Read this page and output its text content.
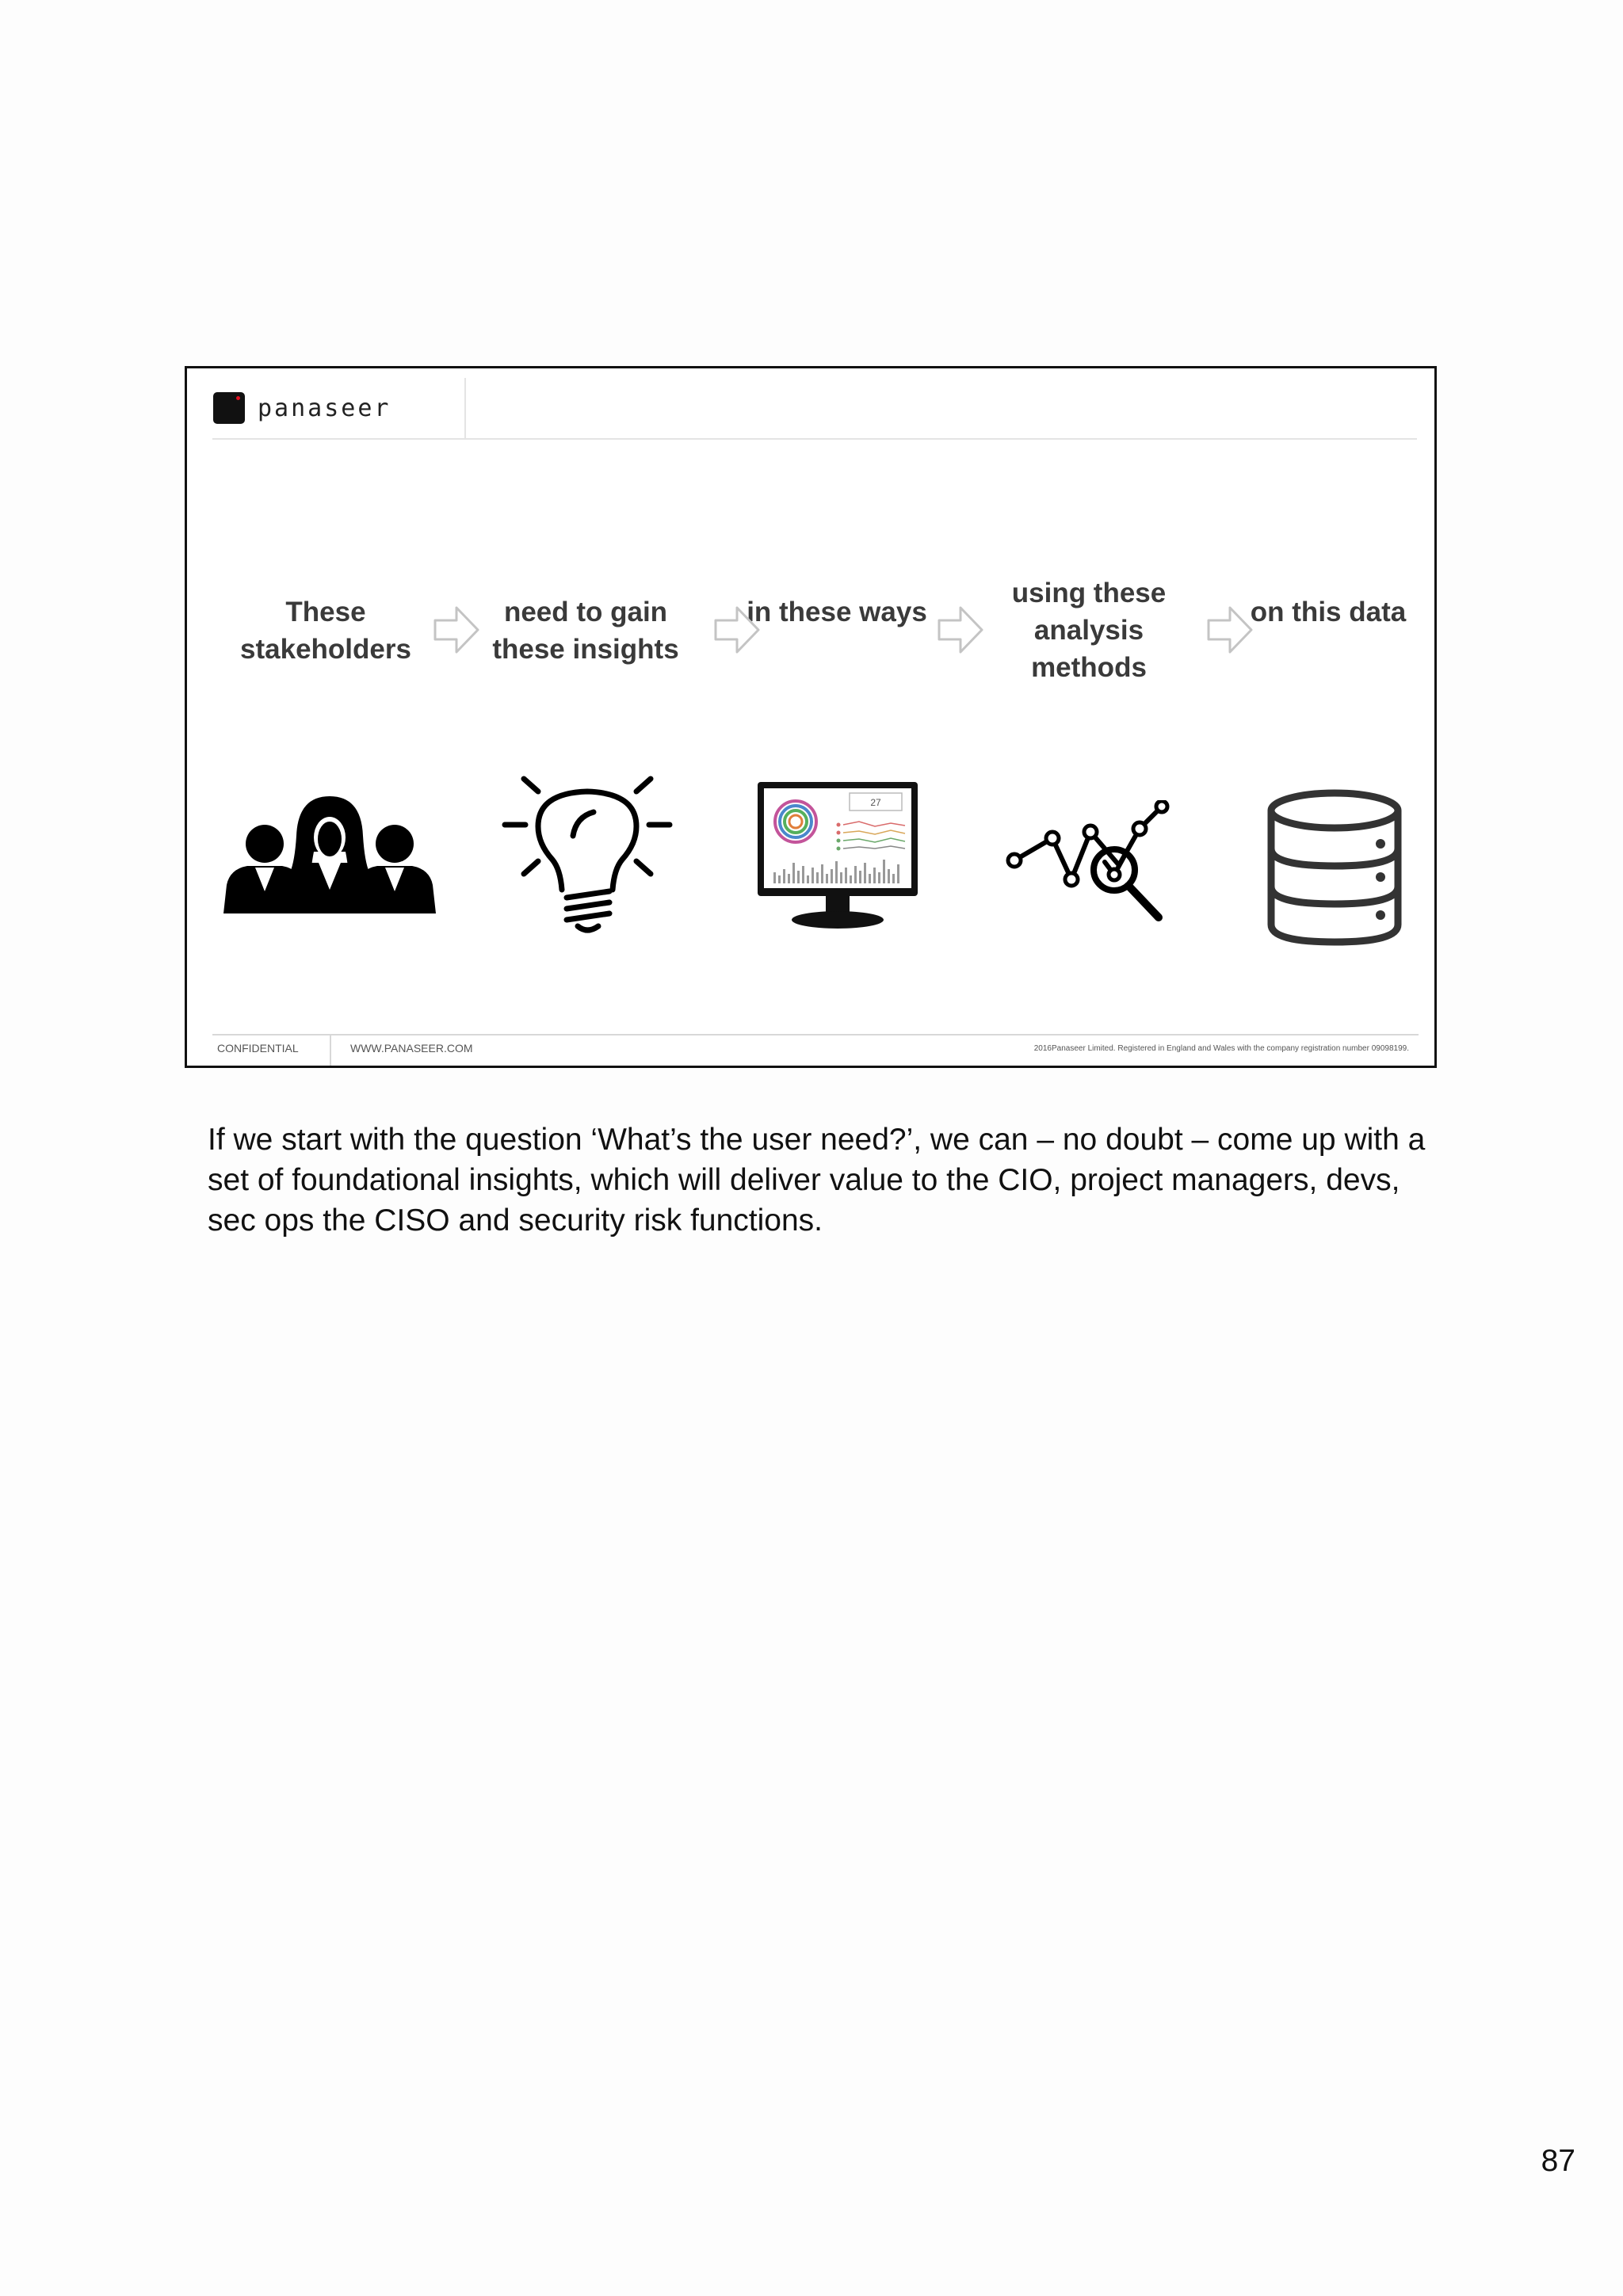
panaseer
These stakeholders
need to gain these insights
in these ways
using these analysis methods
on this data
27
CONFIDENTIAL	WWW.PANASEER.COM	2016Panaseer Limited. Registered in England and Wales with the company registration number 09098199.
If we start with the question ‘What’s the user need?’, we can – no doubt – come up with a set of foundational insights, which will deliver value to the CIO, project managers, devs, sec ops the CISO and security risk functions.
87
